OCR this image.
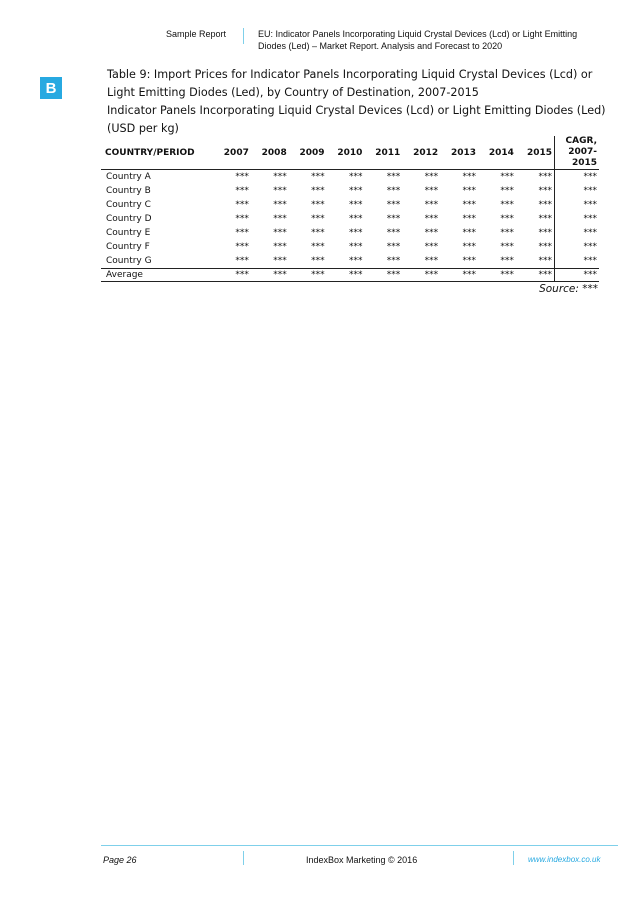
Sample Report	EU: Indicator Panels Incorporating Liquid Crystal Devices (Lcd) or Light Emitting Diodes (Led) – Market Report. Analysis and Forecast to 2020
B
Table 9: Import Prices for Indicator Panels Incorporating Liquid Crystal Devices (Lcd) or
Light Emitting Diodes (Led), by Country of Destination, 2007-2015
Indicator Panels Incorporating Liquid Crystal Devices (Lcd) or Light Emitting Diodes (Led)
(USD per kg)
COUNTRY/PERIOD	2007	2008	2009	2010	2011	2012	2013	2014	2015	CAGR, 2007-2015
Country A	***	***	***	***	***	***	***	***	***	***
Country B	***	***	***	***	***	***	***	***	***	***
Country C	***	***	***	***	***	***	***	***	***	***
Country D	***	***	***	***	***	***	***	***	***	***
Country E	***	***	***	***	***	***	***	***	***	***
Country F	***	***	***	***	***	***	***	***	***	***
Country G	***	***	***	***	***	***	***	***	***	***
Average	***	***	***	***	***	***	***	***	***	***
Source: ***
Page 26	IndexBox Marketing © 2016	www.indexbox.co.uk
